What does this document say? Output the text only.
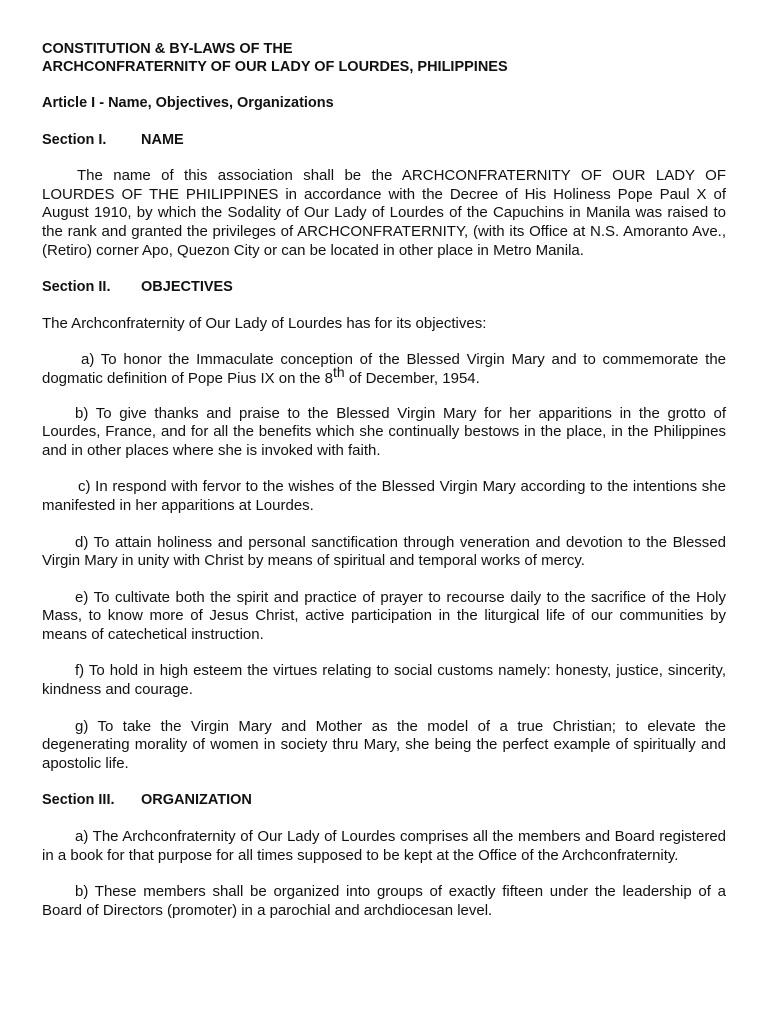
CONSTITUTION & BY-LAWS OF THE

ARCHCONFRATERNITY OF OUR LADY OF LOURDES, PHILIPPINES

Article I - Name, Objectives, Organizations

Section I.	NAME

The name of this association shall be the ARCHCONFRATERNITY OF OUR LADY OF LOURDES OF THE PHILIPPINES in accordance with the Decree of His Holiness Pope Paul X of August 1910, by which the Sodality of Our Lady of Lourdes of the Capuchins in Manila was raised to the rank and granted the privileges of ARCHCONFRATERNITY, (with its Office at N.S. Amoranto Ave., (Retiro) corner Apo, Quezon City or can be located in other place in Metro Manila.

Section II.	OBJECTIVES

The Archconfraternity of Our Lady of Lourdes has for its objectives:

a) To honor the Immaculate conception of the Blessed Virgin Mary and to commemorate the dogmatic definition of Pope Pius IX on the 8th of December, 1954.

b) To give thanks and praise to the Blessed Virgin Mary for her apparitions in the grotto of Lourdes, France, and for all the benefits which she continually bestows in the place, in the Philippines and in other places where she is invoked with faith.

c) In respond with fervor to the wishes of the Blessed Virgin Mary according to the intentions she manifested in her apparitions at Lourdes.

d) To attain holiness and personal sanctification through veneration and devotion to the Blessed Virgin Mary in unity with Christ by means of spiritual and temporal works of mercy.

e) To cultivate both the spirit and practice of prayer to recourse daily to the sacrifice of the Holy Mass, to know more of Jesus Christ, active participation in the liturgical life of our communities by means of catechetical instruction.

f) To hold in high esteem the virtues relating to social customs namely: honesty, justice, sincerity, kindness and courage.

g) To take the Virgin Mary and Mother as the model of a true Christian; to elevate the degenerating morality of women in society thru Mary, she being the perfect example of spiritually and apostolic life.

Section III.	ORGANIZATION

a) The Archconfraternity of Our Lady of Lourdes comprises all the members and Board registered in a book for that purpose for all times supposed to be kept at the Office of the Archconfraternity.

b) These members shall be organized into groups of exactly fifteen under the leadership of a Board of Directors (promoter) in a parochial and archdiocesan level.
